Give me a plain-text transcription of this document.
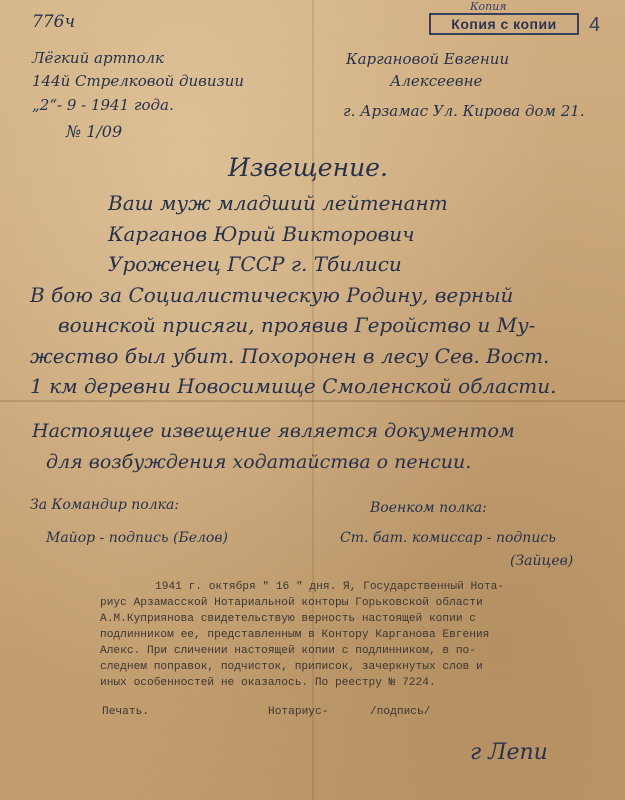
776ч
Лёгкий артполк
144й Стрелковой дивизии
„2“- 9 - 1941 года.
№ 1/09
Копия
Копия с копии	4
Каргановой Евгении
Алексеевне
г. Арзамас Ул. Кирова дом 21.
Извещение.
Ваш муж младший лейтенант
Карганов Юрий Викторович
Уроженец ГССР г. Тбилиси
В бою за Социалистическую Родину, верный
воинской присяги, проявив Геройство и Му-
жество был убит. Похоронен в лесу Сев. Вост.
1 км деревни Новосимище Смоленской области.
Настоящее извещение является документом
для возбуждения ходатайства о пенсии.
За Командир полка:
Майор - подпись (Белов)
Военком полка:
Ст. бат. комиссар - подпись
(Зайцев)
1941 г. октября " 16 " дня. Я, Государственный Нота-
риус Арзамасской Нотариальной конторы Горьковской области
А.М.Куприянова свидетельствую верность настоящей копии с
подлинником ее, представленным в Контору Карганова Евгения
Алекс. При сличении настоящей копии с подлинником, в по-
следнем поправок, подчисток, приписок, зачеркнутых слов и
иных особенностей не оказалось. По реестру № 7224.
Печать.	Нотариус-	/подпись/
г Лепи
